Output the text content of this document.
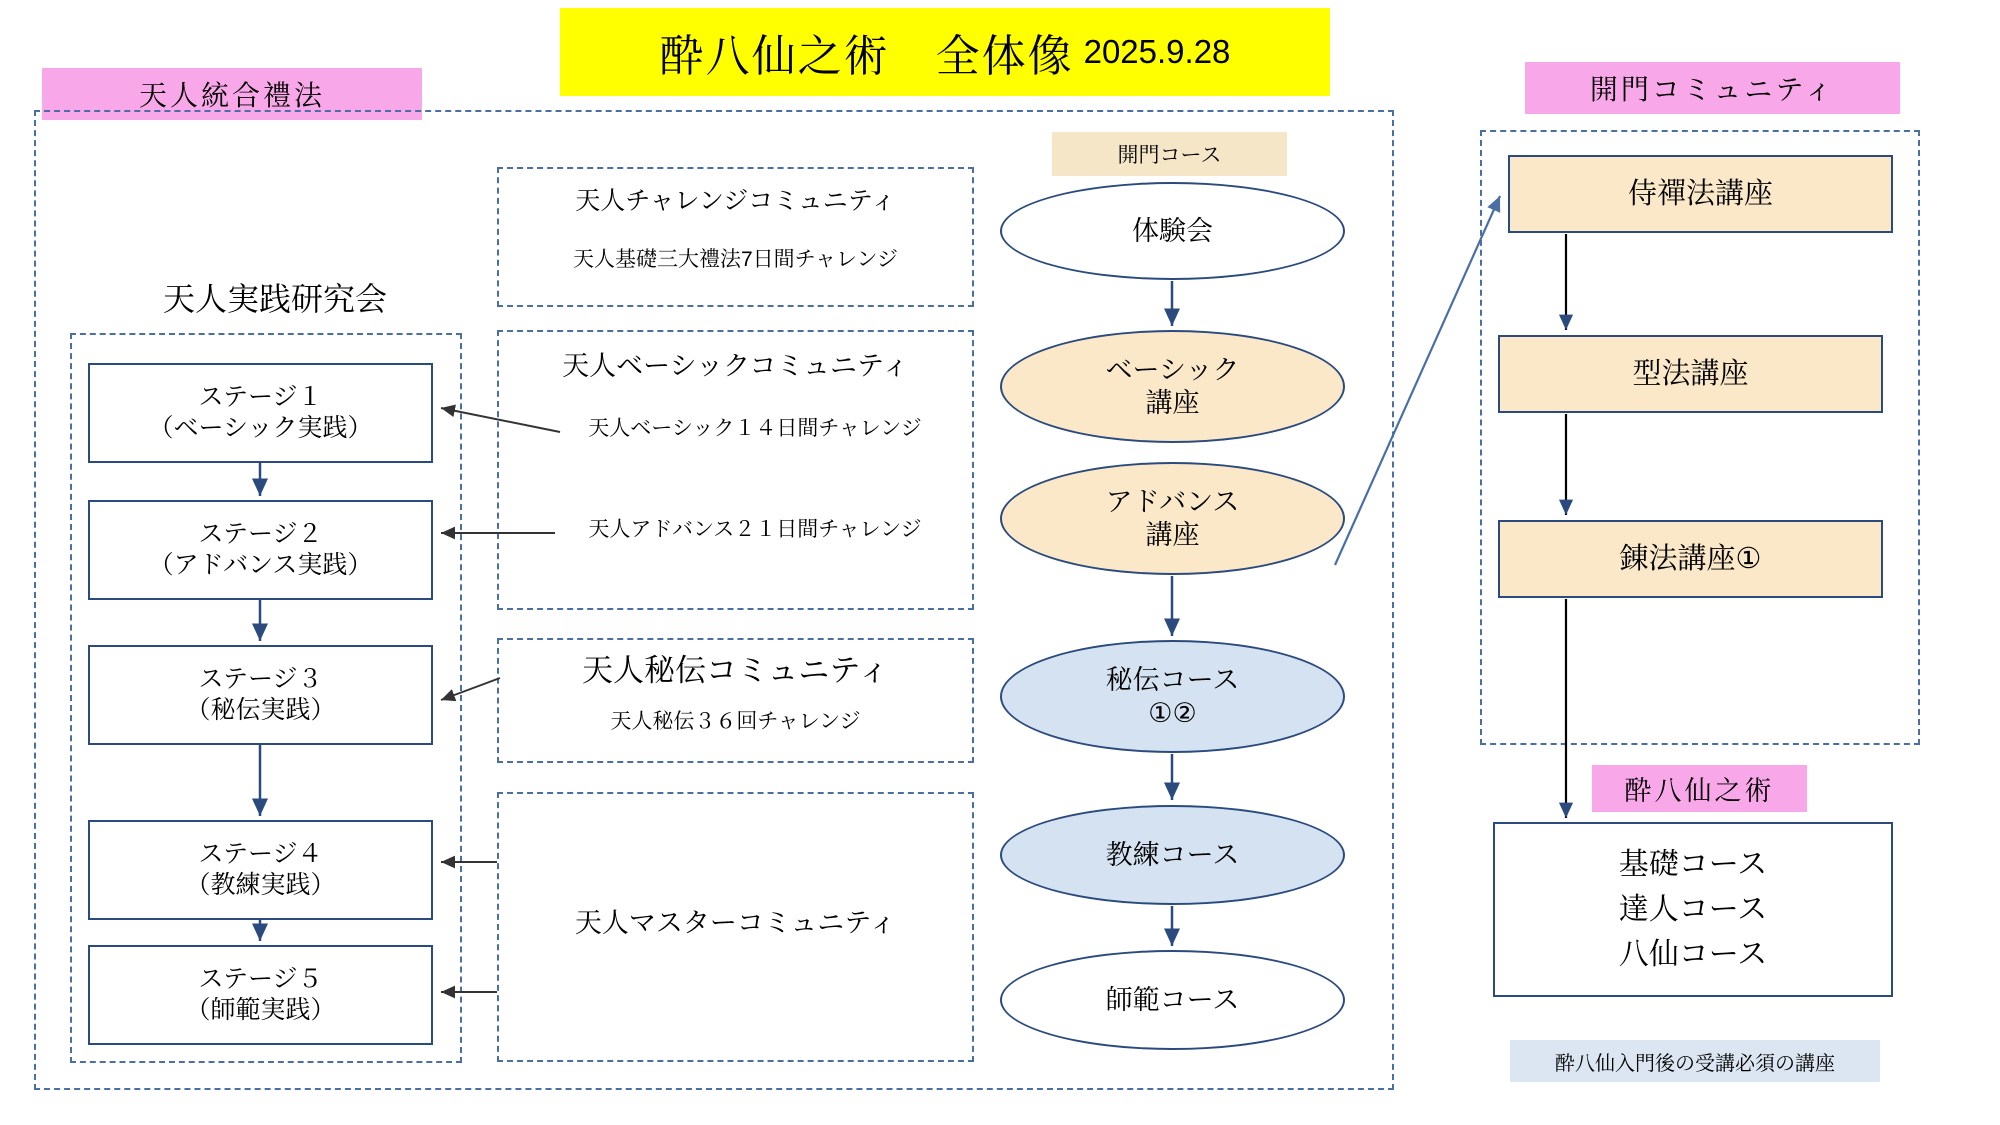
酔八仙之術　全体像 2025.9.28
天人統合禮法	開門コミュニティ
天人実践研究会
ステージ１
（ベーシック実践）
ステージ２
（アドバンス実践）
ステージ３
（秘伝実践）
ステージ４
（教練実践）
ステージ５
（師範実践）
天人チャレンジコミュニティ
天人基礎三大禮法7日間チャレンジ
天人ベーシックコミュニティ
天人ベーシック１４日間チャレンジ
天人アドバンス２１日間チャレンジ
天人秘伝コミュニティ
天人秘伝３６回チャレンジ
天人マスターコミュニティ
開門コース
体験会
ベーシック
講座
アドバンス
講座
秘伝コース
①②
教練コース
師範コース
侍禪法講座
型法講座
錬法講座①
酔八仙之術
基礎コース
達人コース
八仙コース
酔八仙入門後の受講必須の講座
